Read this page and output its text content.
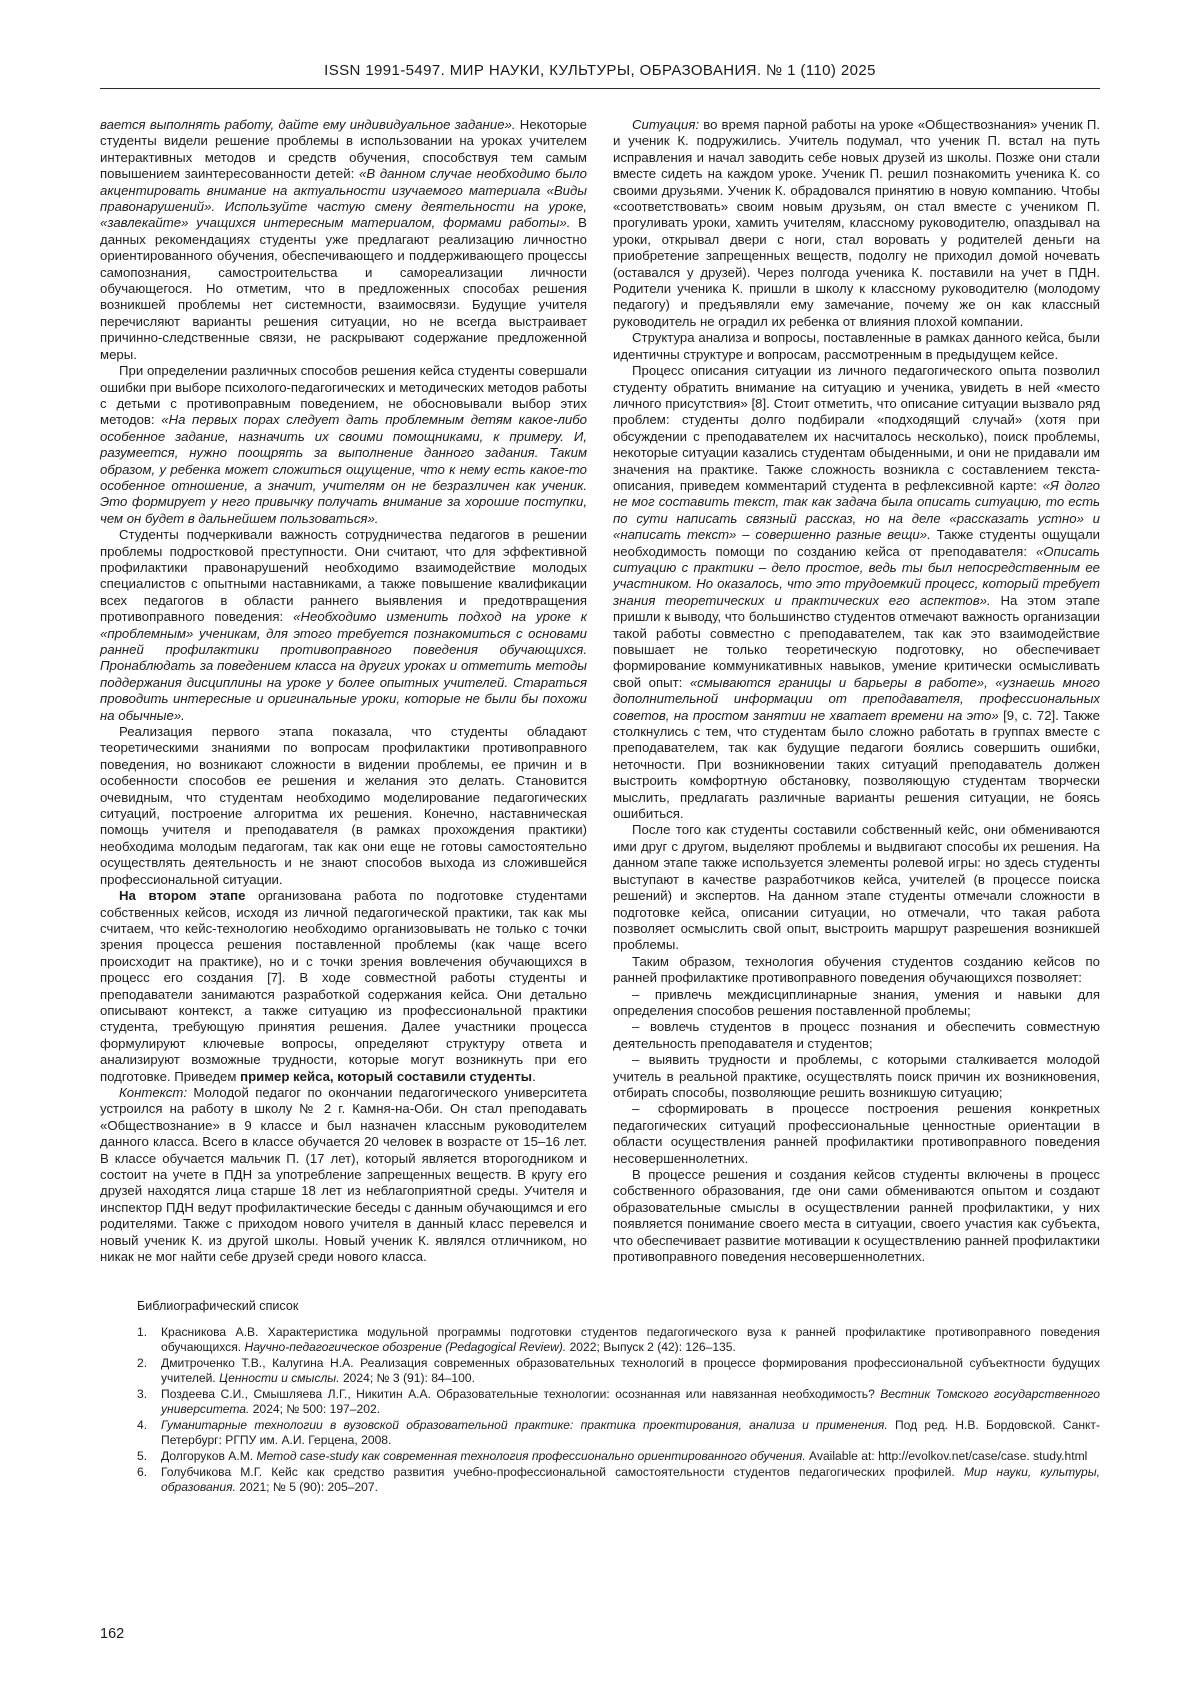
ISSN 1991-5497. МИР НАУКИ, КУЛЬТУРЫ, ОБРАЗОВАНИЯ. № 1 (110) 2025

вается выполнять работу, дайте ему индивидуальное задание». Некоторые студенты видели решение проблемы в использовании на уроках учителем интерактивных методов и средств обучения, способствуя тем самым повышением заинтересованности детей: «В данном случае необходимо было акцентировать внимание на актуальности изучаемого материала «Виды правонарушений». Используйте частую смену деятельности на уроке, «завлекайте» учащихся интересным материалом, формами работы». В данных рекомендациях студенты уже предлагают реализацию личностно ориентированного обучения, обеспечивающего и поддерживающего процессы самопознания, самостроительства и самореализации личности обучающегося. Но отметим, что в предложенных способах решения возникшей проблемы нет системности, взаимосвязи. Будущие учителя перечисляют варианты решения ситуации, но не всегда выстраивает причинно-следственные связи, не раскрывают содержание предложенной меры.

При определении различных способов решения кейса студенты совершали ошибки при выборе психолого-педагогических и методических методов работы с детьми с противоправным поведением, не обосновывали выбор этих методов: «На первых порах следует дать проблемным детям какое-либо особенное задание, назначить их своими помощниками, к примеру. И, разумеется, нужно поощрять за выполнение данного задания. Таким образом, у ребенка может сложиться ощущение, что к нему есть какое-то особенное отношение, а значит, учителям он не безразличен как ученик. Это формирует у него привычку получать внимание за хорошие поступки, чем он будет в дальнейшем пользоваться».

Студенты подчеркивали важность сотрудничества педагогов в решении проблемы подростковой преступности. Они считают, что для эффективной профилактики правонарушений необходимо взаимодействие молодых специалистов с опытными наставниками, а также повышение квалификации всех педагогов в области раннего выявления и предотвращения противоправного поведения: «Необходимо изменить подход на уроке к «проблемным» ученикам, для этого требуется познакомиться с основами ранней профилактики противоправного поведения обучающихся. Пронаблюдать за поведением класса на других уроках и отметить методы поддержания дисциплины на уроке у более опытных учителей. Стараться проводить интересные и оригинальные уроки, которые не были бы похожи на обычные».

Реализация первого этапа показала, что студенты обладают теоретическими знаниями по вопросам профилактики противоправного поведения, но возникают сложности в видении проблемы, ее причин и в особенности способов ее решения и желания это делать. Становится очевидным, что студентам необходимо моделирование педагогических ситуаций, построение алгоритма их решения. Конечно, наставническая помощь учителя и преподавателя (в рамках прохождения практики) необходима молодым педагогам, так как они еще не готовы самостоятельно осуществлять деятельность и не знают способов выхода из сложившейся профессиональной ситуации.

На втором этапе организована работа по подготовке студентами собственных кейсов, исходя из личной педагогической практики, так как мы считаем, что кейс-технологию необходимо организовывать не только с точки зрения процесса решения поставленной проблемы (как чаще всего происходит на практике), но и с точки зрения вовлечения обучающихся в процесс его создания [7]. В ходе совместной работы студенты и преподаватели занимаются разработкой содержания кейса. Они детально описывают контекст, а также ситуацию из профессиональной практики студента, требующую принятия решения. Далее участники процесса формулируют ключевые вопросы, определяют структуру ответа и анализируют возможные трудности, которые могут возникнуть при его подготовке. Приведем пример кейса, который составили студенты.

Контекст: Молодой педагог по окончании педагогического университета устроился на работу в школу № 2 г. Камня-на-Оби. Он стал преподавать «Обществознание» в 9 классе и был назначен классным руководителем данного класса. Всего в классе обучается 20 человек в возрасте от 15–16 лет. В классе обучается мальчик П. (17 лет), который является второгодником и состоит на учете в ПДН за употребление запрещенных веществ. В кругу его друзей находятся лица старше 18 лет из неблагоприятной среды. Учителя и инспектор ПДН ведут профилактические беседы с данным обучающимся и его родителями. Также с приходом нового учителя в данный класс перевелся и новый ученик К. из другой школы. Новый ученик К. являлся отличником, но никак не мог найти себе друзей среди нового класса.

Ситуация: во время парной работы на уроке «Обществознания» ученик П. и ученик К. подружились. Учитель подумал, что ученик П. встал на путь исправления и начал заводить себе новых друзей из школы. Позже они стали вместе сидеть на каждом уроке. Ученик П. решил познакомить ученика К. со своими друзьями. Ученик К. обрадовался принятию в новую компанию. Чтобы «соответствовать» своим новым друзьям, он стал вместе с учеником П. прогуливать уроки, хамить учителям, классному руководителю, опаздывал на уроки, открывал двери с ноги, стал воровать у родителей деньги на приобретение запрещенных веществ, подолгу не приходил домой ночевать (оставался у друзей). Через полгода ученика К. поставили на учет в ПДН. Родители ученика К. пришли в школу к классному руководителю (молодому педагогу) и предъявляли ему замечание, почему же он как классный руководитель не оградил их ребенка от влияния плохой компании.

Структура анализа и вопросы, поставленные в рамках данного кейса, были идентичны структуре и вопросам, рассмотренным в предыдущем кейсе.

Процесс описания ситуации из личного педагогического опыта позволил студенту обратить внимание на ситуацию и ученика, увидеть в ней «место личного присутствия» [8]. Стоит отметить, что описание ситуации вызвало ряд проблем: студенты долго подбирали «подходящий случай» (хотя при обсуждении с преподавателем их насчиталось несколько), поиск проблемы, некоторые ситуации казались студентам обыденными, и они не придавали им значения на практике. Также сложность возникла с составлением текста-описания, приведем комментарий студента в рефлексивной карте: «Я долго не мог составить текст, так как задача была описать ситуацию, то есть по сути написать связный рассказ, но на деле «рассказать устно» и «написать текст» – совершенно разные вещи». Также студенты ощущали необходимость помощи по созданию кейса от преподавателя: «Описать ситуацию с практики – дело простое, ведь ты был непосредственным ее участником. Но оказалось, что это трудоемкий процесс, который требует знания теоретических и практических его аспектов». На этом этапе пришли к выводу, что большинство студентов отмечают важность организации такой работы совместно с преподавателем, так как это взаимодействие повышает не только теоретическую подготовку, но обеспечивает формирование коммуникативных навыков, умение критически осмысливать свой опыт: «смываются границы и барьеры в работе», «узнаешь много дополнительной информации от преподавателя, профессиональных советов, на простом занятии не хватает времени на это» [9, с. 72]. Также столкнулись с тем, что студентам было сложно работать в группах вместе с преподавателем, так как будущие педагоги боялись совершить ошибки, неточности. При возникновении таких ситуаций преподаватель должен выстроить комфортную обстановку, позволяющую студентам творчески мыслить, предлагать различные варианты решения ситуации, не боясь ошибиться.

После того как студенты составили собственный кейс, они обмениваются ими друг с другом, выделяют проблемы и выдвигают способы их решения. На данном этапе также используется элементы ролевой игры: но здесь студенты выступают в качестве разработчиков кейса, учителей (в процессе поиска решений) и экспертов. На данном этапе студенты отмечали сложности в подготовке кейса, описании ситуации, но отмечали, что такая работа позволяет осмыслить свой опыт, выстроить маршрут разрешения возникшей проблемы.

Таким образом, технология обучения студентов созданию кейсов по ранней профилактике противоправного поведения обучающихся позволяет:

– привлечь междисциплинарные знания, умения и навыки для определения способов решения поставленной проблемы;

– вовлечь студентов в процесс познания и обеспечить совместную деятельность преподавателя и студентов;

– выявить трудности и проблемы, с которыми сталкивается молодой учитель в реальной практике, осуществлять поиск причин их возникновения, отбирать способы, позволяющие решить возникшую ситуацию;

– сформировать в процессе построения решения конкретных педагогических ситуаций профессиональные ценностные ориентации в области осуществления ранней профилактики противоправного поведения несовершеннолетних.

В процессе решения и создания кейсов студенты включены в процесс собственного образования, где они сами обмениваются опытом и создают образовательные смыслы в осуществлении ранней профилактики, у них появляется понимание своего места в ситуации, своего участия как субъекта, что обеспечивает развитие мотивации к осуществлению ранней профилактики противоправного поведения несовершеннолетних.

Библиографический список
Красникова А.В. Характеристика модульной программы подготовки студентов педагогического вуза к ранней профилактике противоправного поведения обучающихся. Научно-педагогическое обозрение (Pedagogical Review). 2022; Выпуск 2 (42): 126–135.
Дмитроченко Т.В., Калугина Н.А. Реализация современных образовательных технологий в процессе формирования профессиональной субъектности будущих учителей. Ценности и смыслы. 2024; № 3 (91): 84–100.
Поздеева С.И., Смышляева Л.Г., Никитин А.А. Образовательные технологии: осознанная или навязанная необходимость? Вестник Томского государственного университета. 2024; № 500: 197–202.
Гуманитарные технологии в вузовской образовательной практике: практика проектирования, анализа и применения. Под ред. Н.В. Бордовской. Санкт-Петербург: РГПУ им. А.И. Герцена, 2008.
Долгоруков А.М. Метод case-study как современная технология профессионально ориентированного обучения. Available at: http://evolkov.net/case/case. study.html
Голубчикова М.Г. Кейс как средство развития учебно-профессиональной самостоятельности студентов педагогических профилей. Мир науки, культуры, образования. 2021; № 5 (90): 205–207.
162
